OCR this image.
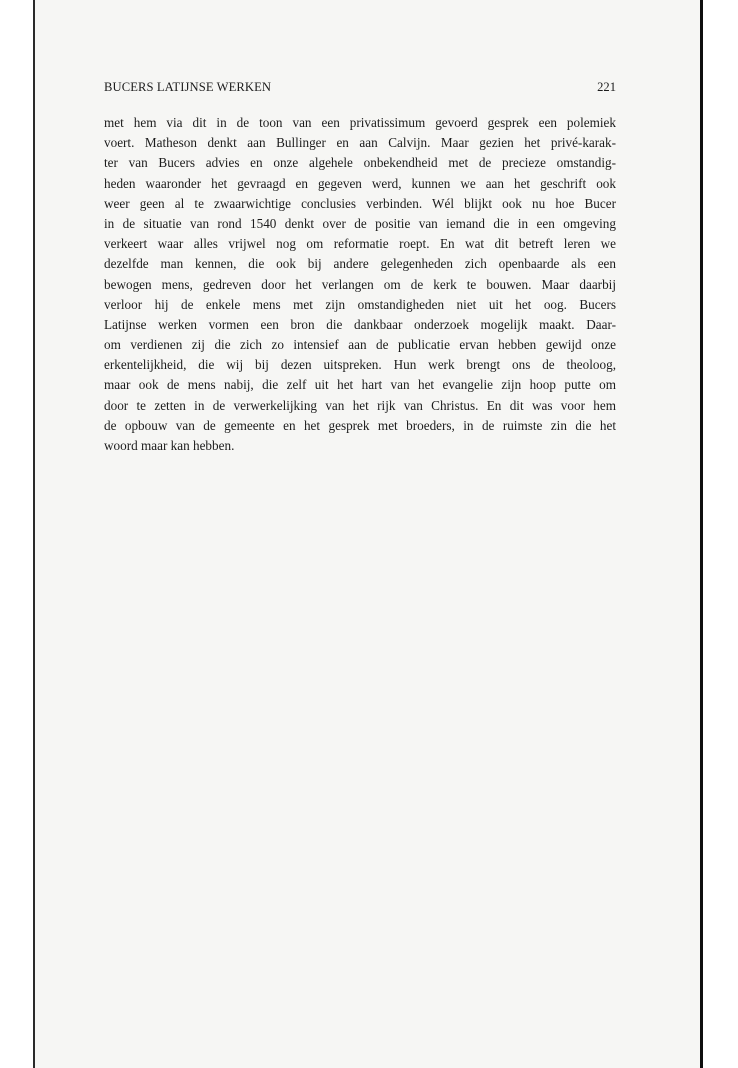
BUCERS LATIJNSE WERKEN	221
met hem via dit in de toon van een privatissimum gevoerd gesprek een polemiek
voert. Matheson denkt aan Bullinger en aan Calvijn. Maar gezien het privé-karak-
ter van Bucers advies en onze algehele onbekendheid met de precieze omstandig-
heden waaronder het gevraagd en gegeven werd, kunnen we aan het geschrift ook
weer geen al te zwaarwichtige conclusies verbinden. Wél blijkt ook nu hoe Bucer
in de situatie van rond 1540 denkt over de positie van iemand die in een omgeving
verkeert waar alles vrijwel nog om reformatie roept. En wat dit betreft leren we
dezelfde man kennen, die ook bij andere gelegenheden zich openbaarde als een
bewogen mens, gedreven door het verlangen om de kerk te bouwen. Maar daarbij
verloor hij de enkele mens met zijn omstandigheden niet uit het oog. Bucers
Latijnse werken vormen een bron die dankbaar onderzoek mogelijk maakt. Daar-
om verdienen zij die zich zo intensief aan de publicatie ervan hebben gewijd onze
erkentelijkheid, die wij bij dezen uitspreken. Hun werk brengt ons de theoloog,
maar ook de mens nabij, die zelf uit het hart van het evangelie zijn hoop putte om
door te zetten in de verwerkelijking van het rijk van Christus. En dit was voor hem
de opbouw van de gemeente en het gesprek met broeders, in de ruimste zin die het
woord maar kan hebben.
